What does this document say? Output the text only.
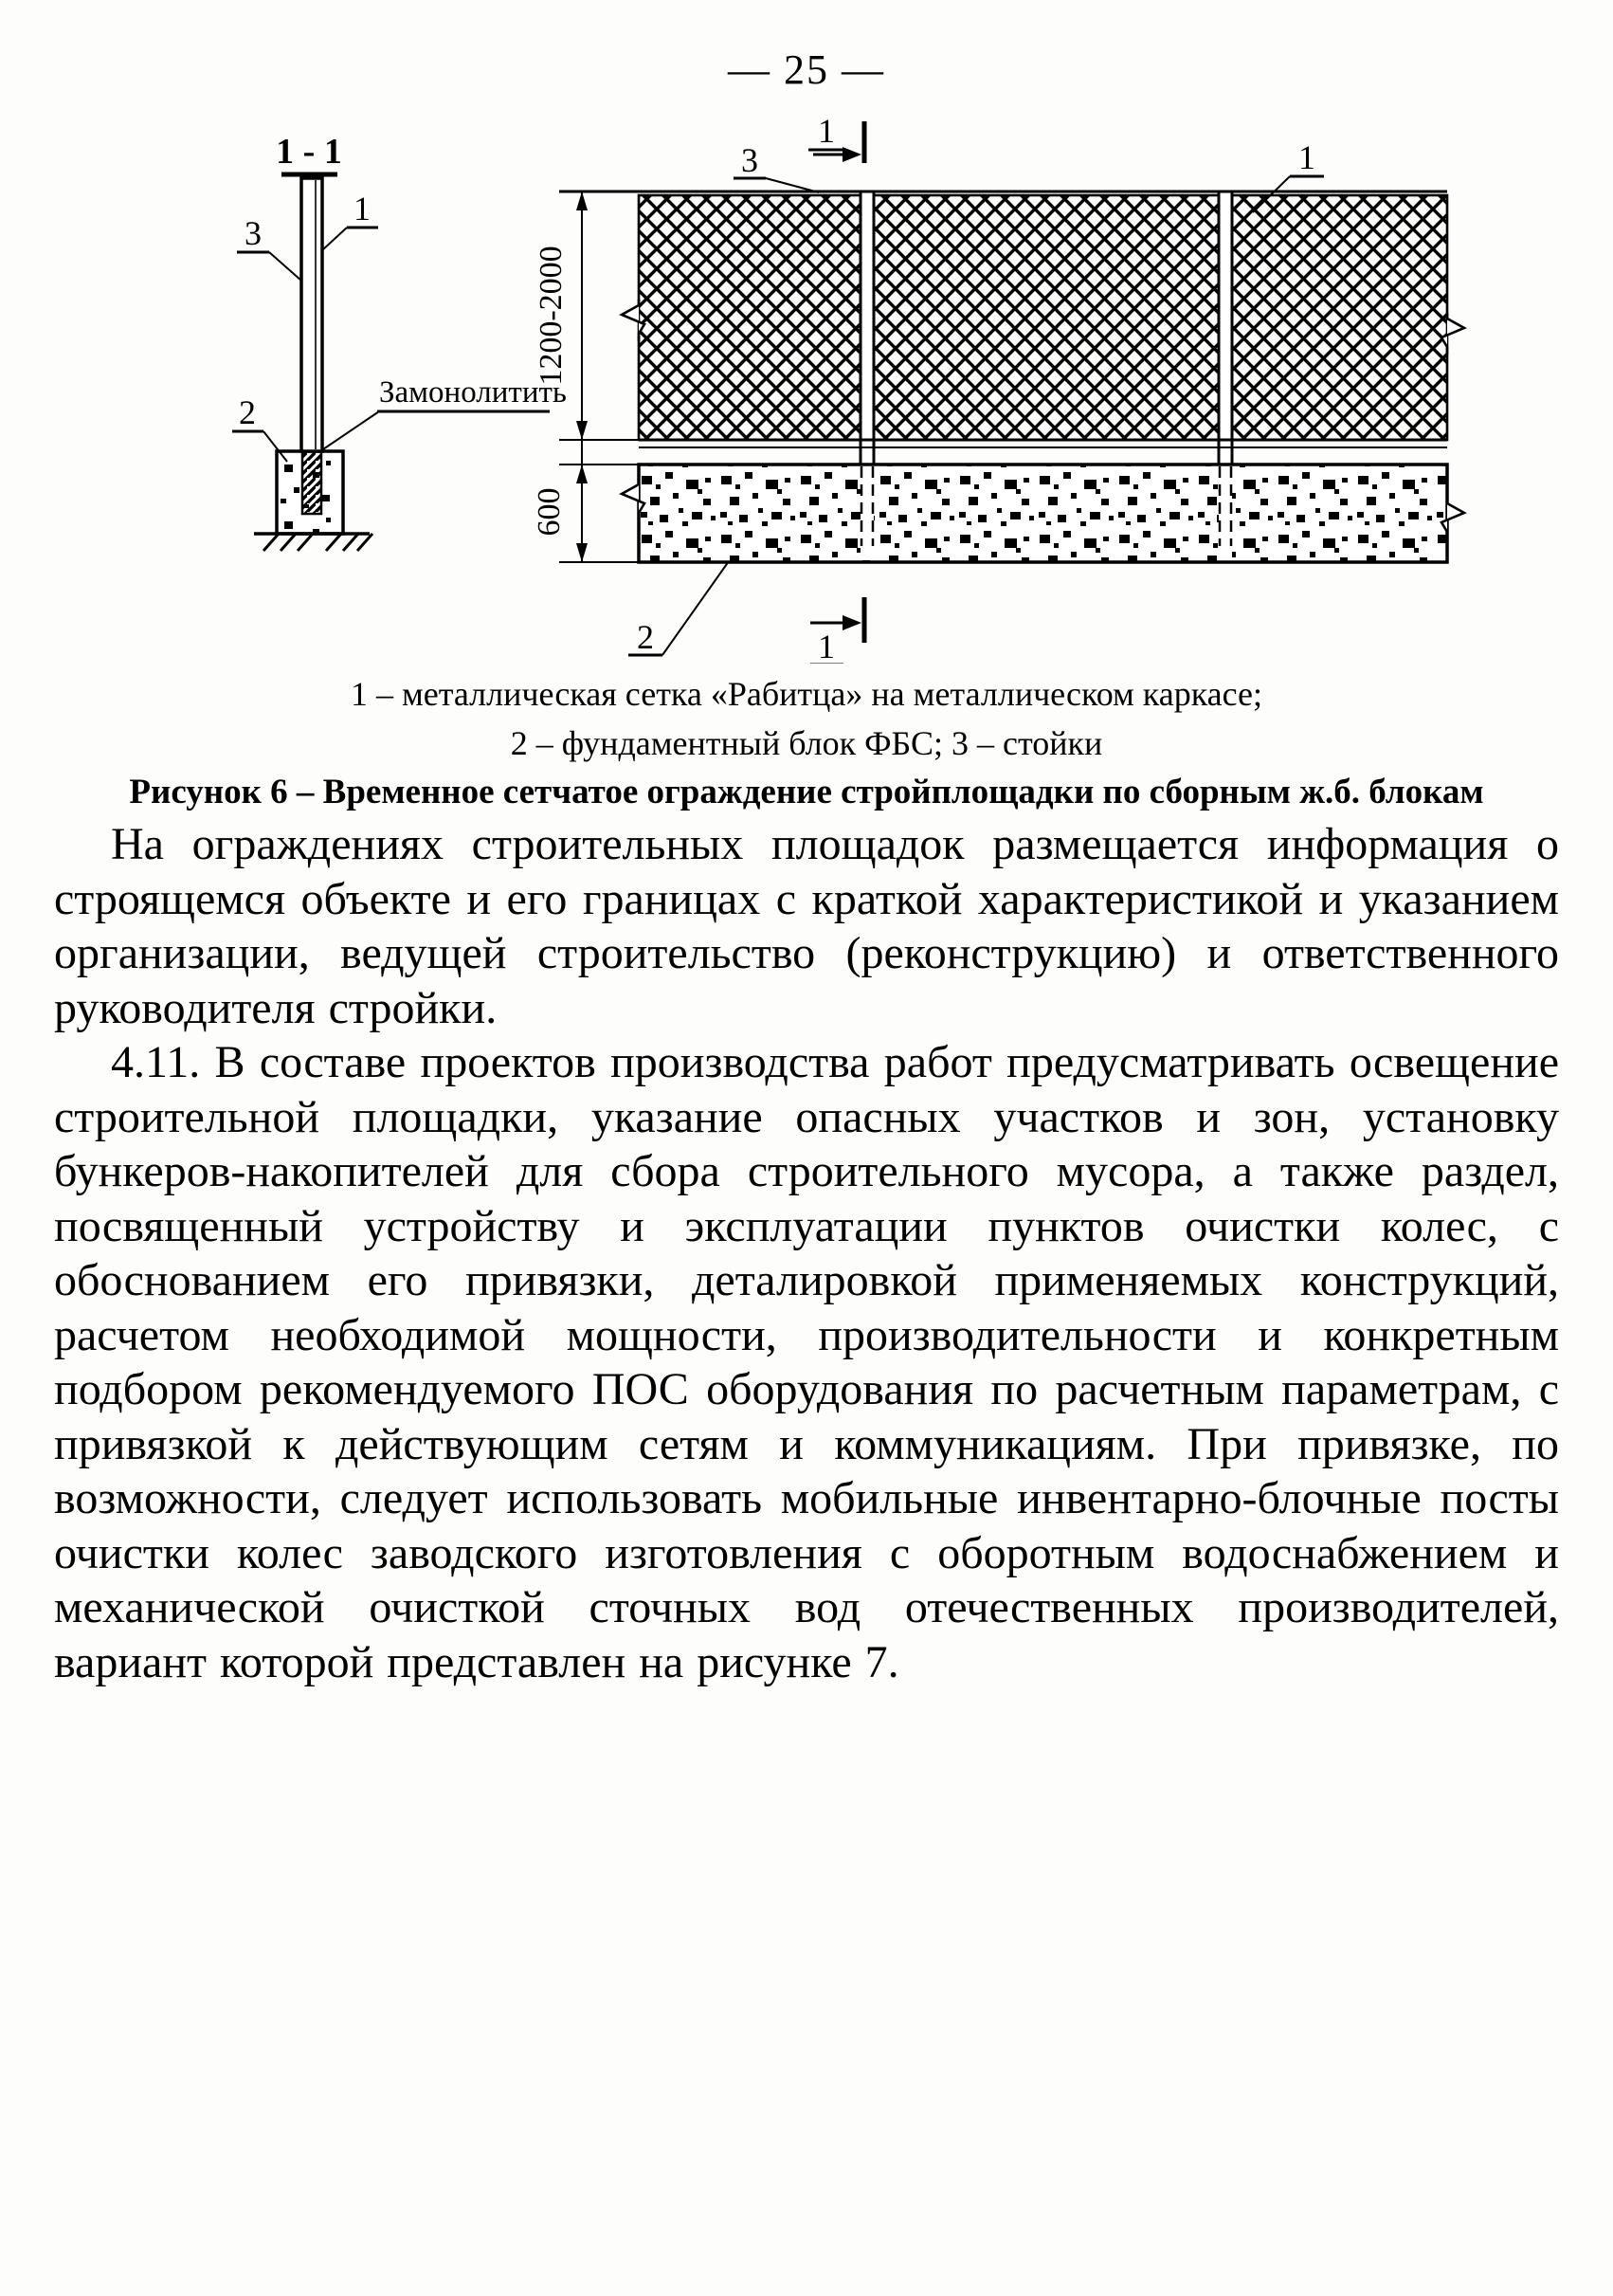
— 25 —
1 - 1
3
1
2
Замонолитить
1200-2000
600
1
1
3	1
2
1 – металлическая сетка «Рабитца» на металлическом каркасе;
2 – фундаментный блок ФБС; 3 – стойки
Рисунок 6 – Временное сетчатое ограждение стройплощадки по сборным ж.б. блокам

На ограждениях строительных площадок размещается информация о строящемся объекте и его границах с краткой характеристикой и указанием организации, ведущей строительство (реконструкцию) и ответственного руководителя стройки.

4.11. В составе проектов производства работ предусматривать освещение строительной площадки, указание опасных участков и зон, установку бункеров-накопителей для сбора строительного мусора, а также раздел, посвященный устройству и эксплуатации пунктов очистки колес, с обоснованием его привязки, деталировкой применяемых конструкций, расчетом необходимой мощности, производительности и конкретным подбором рекомендуемого ПОС оборудования по расчетным параметрам, с привязкой к действующим сетям и коммуникациям. При привязке, по возможности, следует использовать мобильные инвентарно-блочные посты очистки колес заводского изготовления с оборотным водоснабжением и механической очисткой сточных вод отечественных производителей, вариант которой представлен на рисунке 7.
